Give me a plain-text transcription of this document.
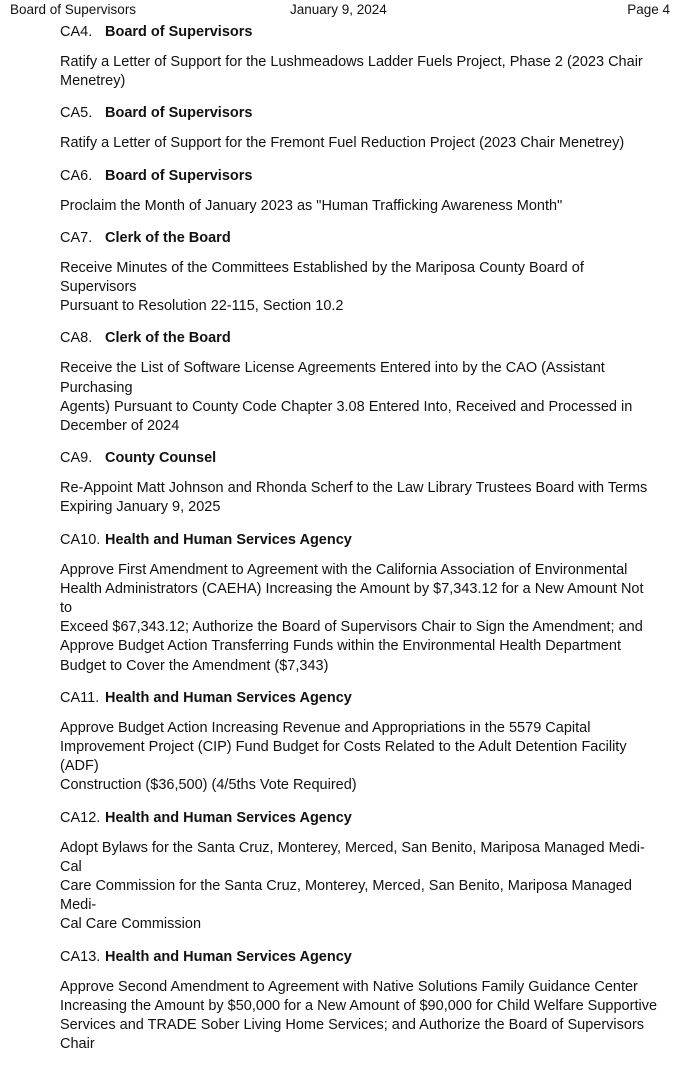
Board of Supervisors	January 9, 2024	Page 4
CA4. Board of Supervisors
Ratify a Letter of Support for the Lushmeadows Ladder Fuels Project, Phase 2 (2023 Chair
Menetrey)
CA5. Board of Supervisors
Ratify a Letter of Support for the Fremont Fuel Reduction Project (2023 Chair Menetrey)
CA6. Board of Supervisors
Proclaim the Month of January 2023 as "Human Trafficking Awareness Month"
CA7. Clerk of the Board
Receive Minutes of the Committees Established by the Mariposa County Board of Supervisors
Pursuant to Resolution 22-115, Section 10.2
CA8. Clerk of the Board
Receive the List of Software License Agreements Entered into by the CAO (Assistant Purchasing
Agents) Pursuant to County Code Chapter 3.08 Entered Into, Received and Processed in
December of 2024
CA9. County Counsel
Re-Appoint Matt Johnson and Rhonda Scherf to the Law Library Trustees Board with Terms
Expiring January 9, 2025
CA10. Health and Human Services Agency
Approve First Amendment to Agreement with the California Association of Environmental
Health Administrators (CAEHA) Increasing the Amount by $7,343.12 for a New Amount Not to
Exceed $67,343.12; Authorize the Board of Supervisors Chair to Sign the Amendment; and
Approve Budget Action Transferring Funds within the Environmental Health Department
Budget to Cover the Amendment ($7,343)
CA11. Health and Human Services Agency
Approve Budget Action Increasing Revenue and Appropriations in the 5579 Capital
Improvement Project (CIP) Fund Budget for Costs Related to the Adult Detention Facility (ADF)
Construction ($36,500) (4/5ths Vote Required)
CA12. Health and Human Services Agency
Adopt Bylaws for the Santa Cruz, Monterey, Merced, San Benito, Mariposa Managed Medi-Cal
Care Commission for the Santa Cruz, Monterey, Merced, San Benito, Mariposa Managed Medi-
Cal Care Commission
CA13. Health and Human Services Agency
Approve Second Amendment to Agreement with Native Solutions Family Guidance Center
Increasing the Amount by $50,000 for a New Amount of $90,000 for Child Welfare Supportive
Services and TRADE Sober Living Home Services; and Authorize the Board of Supervisors Chair
